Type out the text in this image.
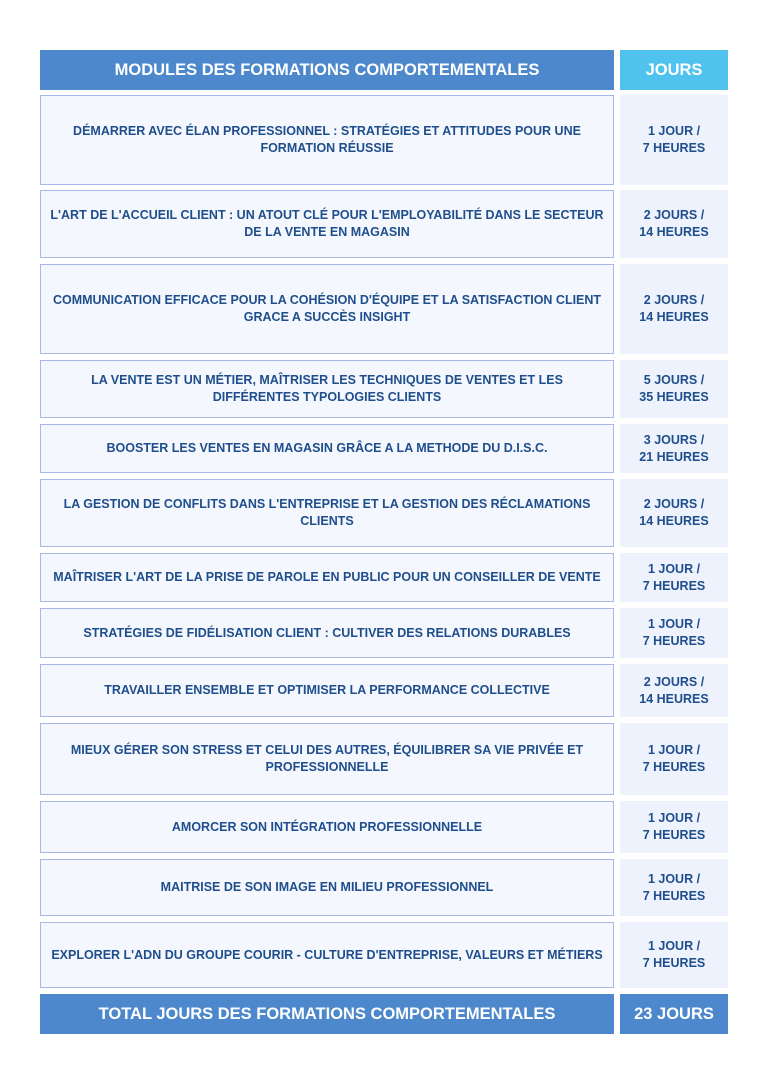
MODULES DES FORMATIONS COMPORTEMENTALES	JOURS
DÉMARRER AVEC ÉLAN PROFESSIONNEL : STRATÉGIES ET ATTITUDES POUR UNE FORMATION RÉUSSIE
1 JOUR /
7 HEURES
L'ART DE L'ACCUEIL CLIENT : UN ATOUT CLÉ POUR L'EMPLOYABILITÉ DANS LE SECTEUR DE LA VENTE EN MAGASIN
2 JOURS /
14 HEURES
COMMUNICATION EFFICACE POUR LA COHÉSION D'ÉQUIPE ET LA SATISFACTION CLIENT GRACE A SUCCÈS INSIGHT
2 JOURS /
14 HEURES
LA VENTE EST UN MÉTIER, MAÎTRISER LES TECHNIQUES DE VENTES ET LES DIFFÉRENTES TYPOLOGIES CLIENTS
5 JOURS /
35 HEURES
BOOSTER LES VENTES EN MAGASIN GRÂCE A LA METHODE DU D.I.S.C.
3 JOURS /
21 HEURES
LA GESTION DE CONFLITS DANS L'ENTREPRISE ET LA GESTION DES RÉCLAMATIONS CLIENTS
2 JOURS /
14 HEURES
MAÎTRISER L'ART DE LA PRISE DE PAROLE EN PUBLIC POUR UN CONSEILLER DE VENTE
1 JOUR /
7 HEURES
STRATÉGIES DE FIDÉLISATION CLIENT : CULTIVER DES RELATIONS DURABLES
1 JOUR /
7 HEURES
TRAVAILLER ENSEMBLE ET OPTIMISER LA PERFORMANCE COLLECTIVE
2 JOURS /
14 HEURES
MIEUX GÉRER SON STRESS ET CELUI DES AUTRES, ÉQUILIBRER SA VIE PRIVÉE ET PROFESSIONNELLE
1 JOUR /
7 HEURES
AMORCER SON INTÉGRATION PROFESSIONNELLE
1 JOUR /
7 HEURES
MAITRISE DE SON IMAGE EN MILIEU PROFESSIONNEL
1 JOUR /
7 HEURES
EXPLORER L'ADN DU GROUPE COURIR - CULTURE D'ENTREPRISE, VALEURS ET MÉTIERS
1 JOUR /
7 HEURES
TOTAL JOURS DES FORMATIONS COMPORTEMENTALES	23 JOURS
